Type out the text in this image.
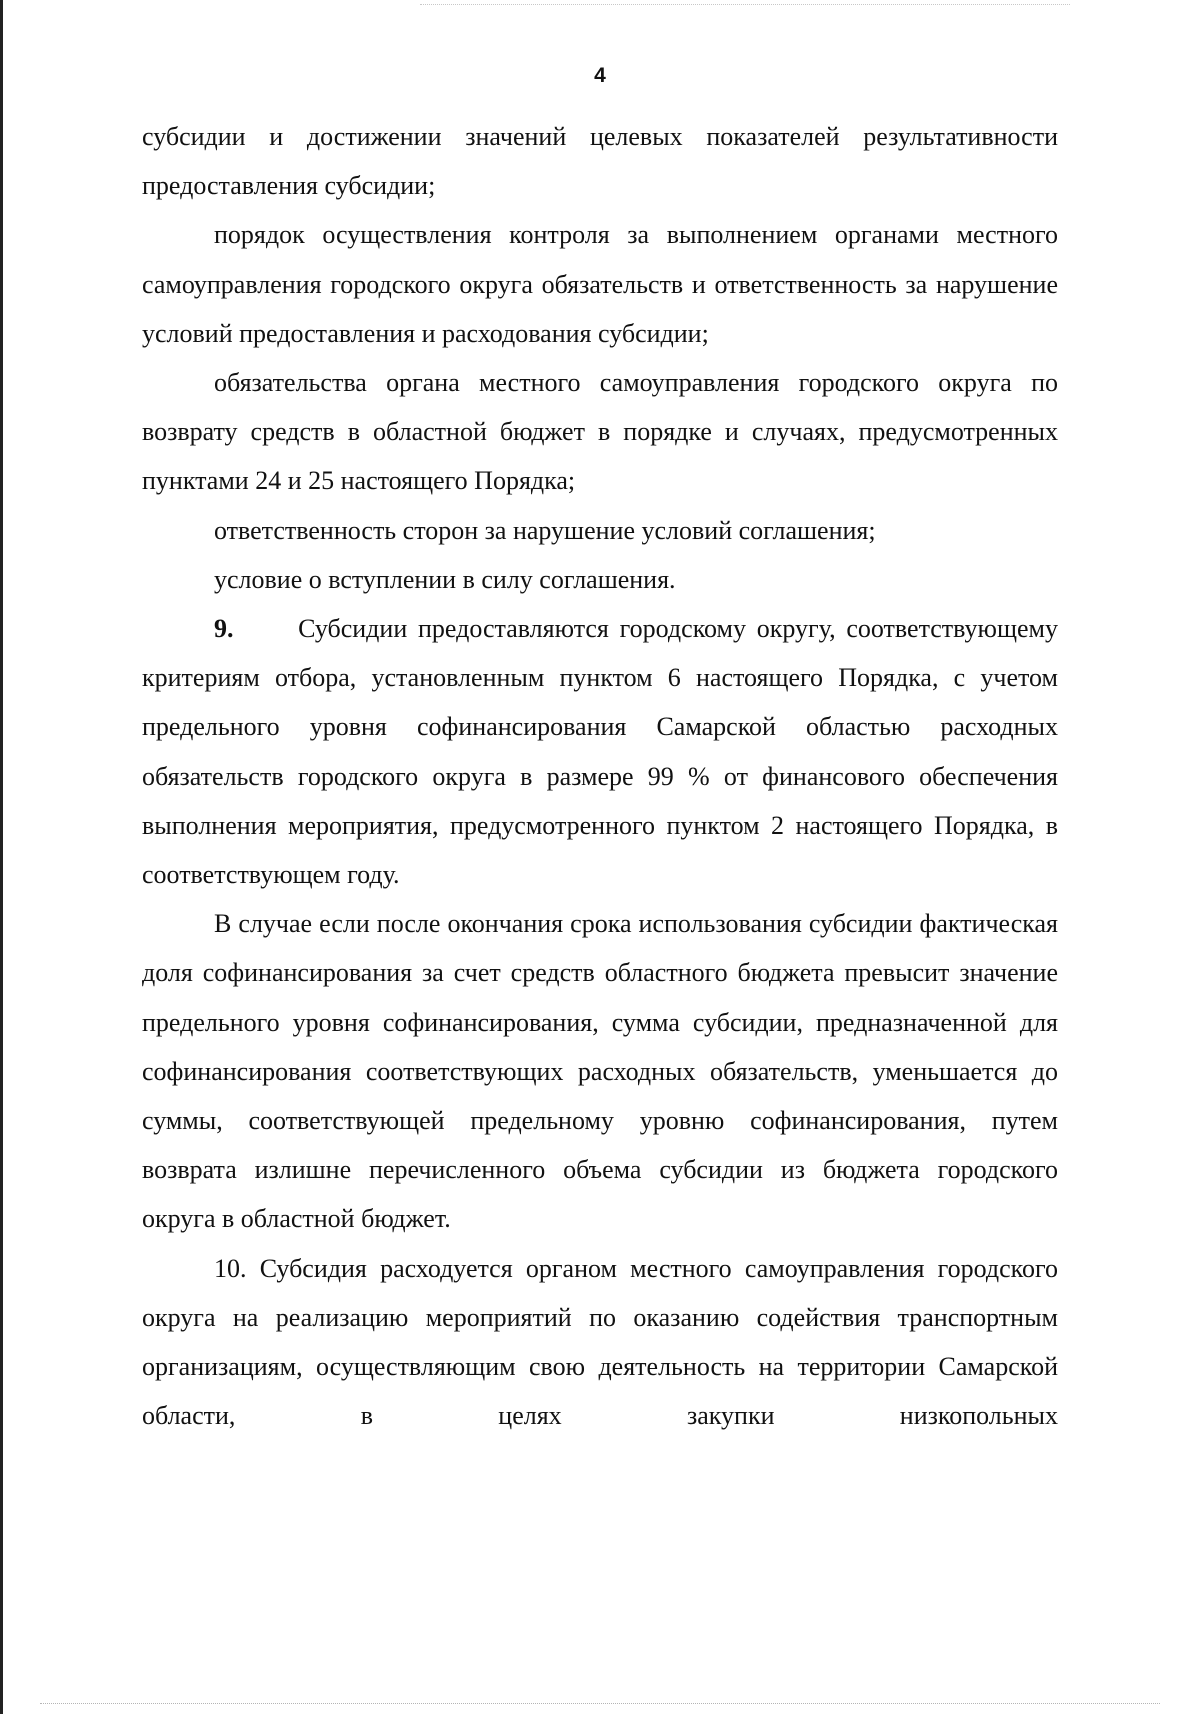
4

субсидии и достижении значений целевых показателей результативности предоставления субсидии;

порядок осуществления контроля за выполнением органами местного самоуправления городского округа обязательств и ответственность за нарушение условий предоставления и расходования субсидии;

обязательства органа местного самоуправления городского округа по возврату средств в областной бюджет в порядке и случаях, предусмотренных пунктами 24 и 25 настоящего Порядка;

ответственность сторон за нарушение условий соглашения;

условие о вступлении в силу соглашения.

9. Субсидии предоставляются городскому округу, соответствующему критериям отбора, установленным пунктом 6 настоящего Порядка, с учетом предельного уровня софинансирования Самарской областью расходных обязательств городского округа в размере 99 % от финансового обеспечения выполнения мероприятия, предусмотренного пунктом 2 настоящего Порядка, в соответствующем году.

В случае если после окончания срока использования субсидии фактическая доля софинансирования за счет средств областного бюджета превысит значение предельного уровня софинансирования, сумма субсидии, предназначенной для софинансирования соответствующих расходных обязательств, уменьшается до суммы, соответствующей предельному уровню софинансирования, путем возврата излишне перечисленного объема субсидии из бюджета городского округа в областной бюджет.

10. Субсидия расходуется органом местного самоуправления городского округа на реализацию мероприятий по оказанию содействия транспортным организациям, осуществляющим свою деятельность на территории Самарской области, в целях закупки низкопольных
